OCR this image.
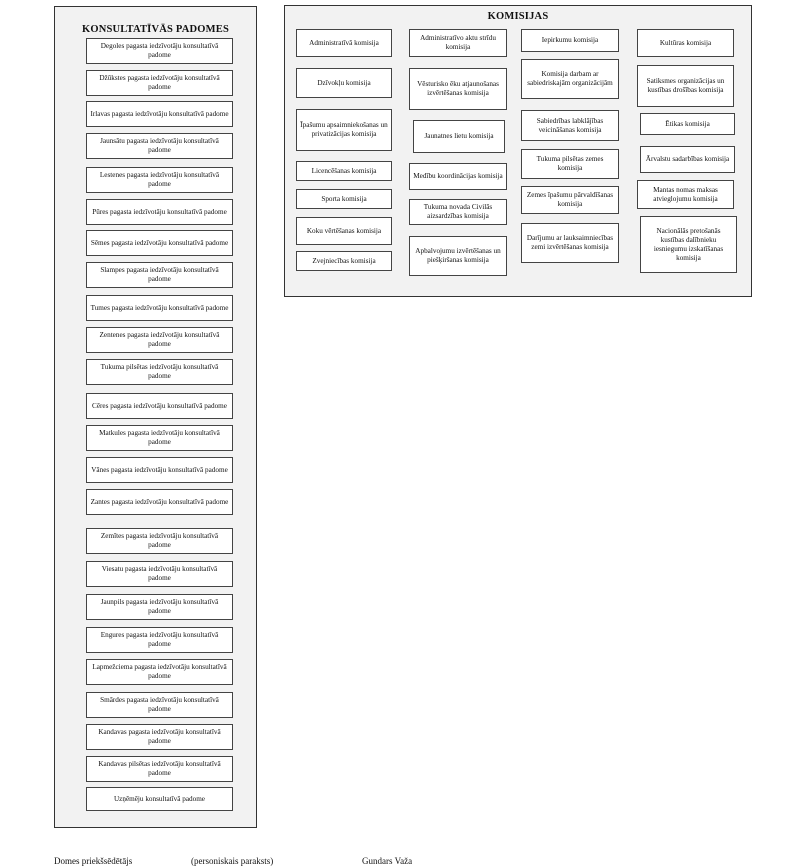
KONSULTATĪVĀS PADOMES
Degoles pagasta iedzīvotāju konsultatīvā padome
Džūkstes pagasta iedzīvotāju konsultatīvā padome
Irlavas pagasta iedzīvotāju konsultatīvā padome
Jaunsātu pagasta iedzīvotāju konsultatīvā padome
Lestenes pagasta iedzīvotāju konsultatīvā padome
Pūres pagasta iedzīvotāju konsultatīvā padome
Sēmes pagasta iedzīvotāju konsultatīvā padome
Slampes pagasta iedzīvotāju konsultatīvā padome
Tumes pagasta iedzīvotāju konsultatīvā padome
Zentenes pagasta iedzīvotāju konsultatīvā padome
Tukuma pilsētas iedzīvotāju konsultatīvā padome
Cēres pagasta iedzīvotāju konsultatīvā padome
Matkules pagasta iedzīvotāju konsultatīvā padome
Vānes pagasta iedzīvotāju konsultatīvā padome
Zantes pagasta iedzīvotāju konsultatīvā padome
Zemītes pagasta iedzīvotāju konsultatīvā padome
Viesatu pagasta iedzīvotāju konsultatīvā padome
Jaunpils pagasta iedzīvotāju konsultatīvā padome
Engures pagasta iedzīvotāju konsultatīvā padome
Lapmežciema pagasta iedzīvotāju konsultatīvā padome
Smārdes pagasta iedzīvotāju konsultatīvā padome
Kandavas pagasta iedzīvotāju konsultatīvā padome
Kandavas pilsētas iedzīvotāju konsultatīvā padome
Uzņēmēju konsultatīvā padome
KOMISIJAS
Administratīvā komisija
Dzīvokļu komisija
Īpašumu apsaimniekošanas un privatizācijas komisija
Licencēšanas komisija
Sporta komisija
Koku vērtēšanas komisija
Zvejniecības komisija
Administratīvo aktu strīdu komisija
Vēsturisko ēku atjaunošanas izvērtēšanas komisija
Jaunatnes lietu komisija
Medību koordinācijas komisija
Tukuma novada Civilās aizsardzības komisija
Apbalvojumu izvērtēšanas un piešķiršanas komisija
Iepirkumu komisija
Komisija darbam ar sabiedriskajām organizācijām
Sabiedrības labklājības veicināšanas komisija
Tukuma pilsētas zemes komisija
Zemes īpašumu pārvaldīšanas komisija
Darījumu ar lauksaimniecības zemi izvērtēšanas komisija
Kultūras komisija
Satiksmes organizācijas un kustības drošības komisija
Ētikas komisija
Ārvalstu sadarbības komisija
Mantas nomas maksas atvieglojumu komisija
Nacionālās pretošanās kustības dalībnieku iesniegumu izskatīšanas komisija
Domes priekšsēdētājs	(personiskais paraksts)	Gundars Važa
